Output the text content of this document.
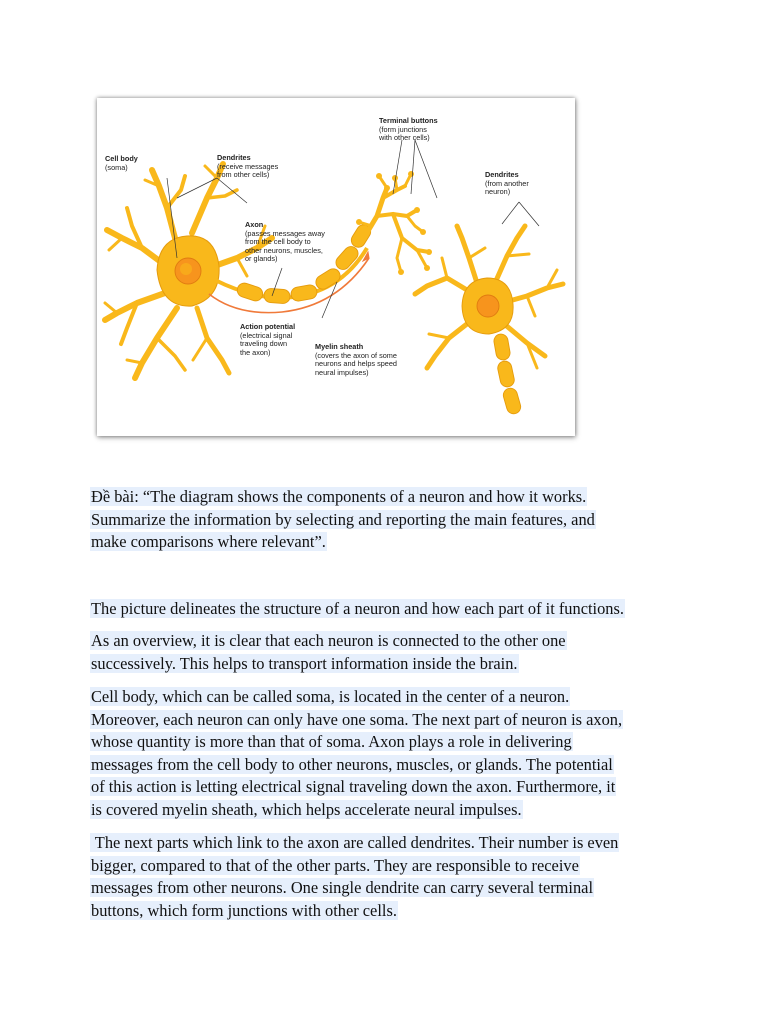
Cell body
(soma)
Dendrites
(receive messages
from other cells)
Axon
(passes messages away
from the cell body to
other neurons, muscles,
or glands)
Terminal buttons
(form junctions
with other cells)
Dendrites
(from another
neuron)
Action potential
(electrical signal
traveling down
the axon)
Myelin sheath
(covers the axon of some
neurons and helps speed
neural impulses)
Đề bài: “The diagram shows the components of a neuron and how it works.
Summarize the information by selecting and reporting the main features, and
make comparisons where relevant”.
The picture delineates the structure of a neuron and how each part of it functions.
As an overview, it is clear that each neuron is connected to the other one
successively. This helps to transport information inside the brain.
Cell body, which can be called soma, is located in the center of a neuron.
Moreover, each neuron can only have one soma. The next part of neuron is axon,
whose quantity is more than that of soma. Axon plays a role in delivering
messages from the cell body to other neurons, muscles, or glands. The potential
of this action is letting electrical signal traveling down the axon. Furthermore, it
is covered myelin sheath, which helps accelerate neural impulses.
The next parts which link to the axon are called dendrites. Their number is even
bigger, compared to that of the other parts. They are responsible to receive
messages from other neurons. One single dendrite can carry several terminal
buttons, which form junctions with other cells.
